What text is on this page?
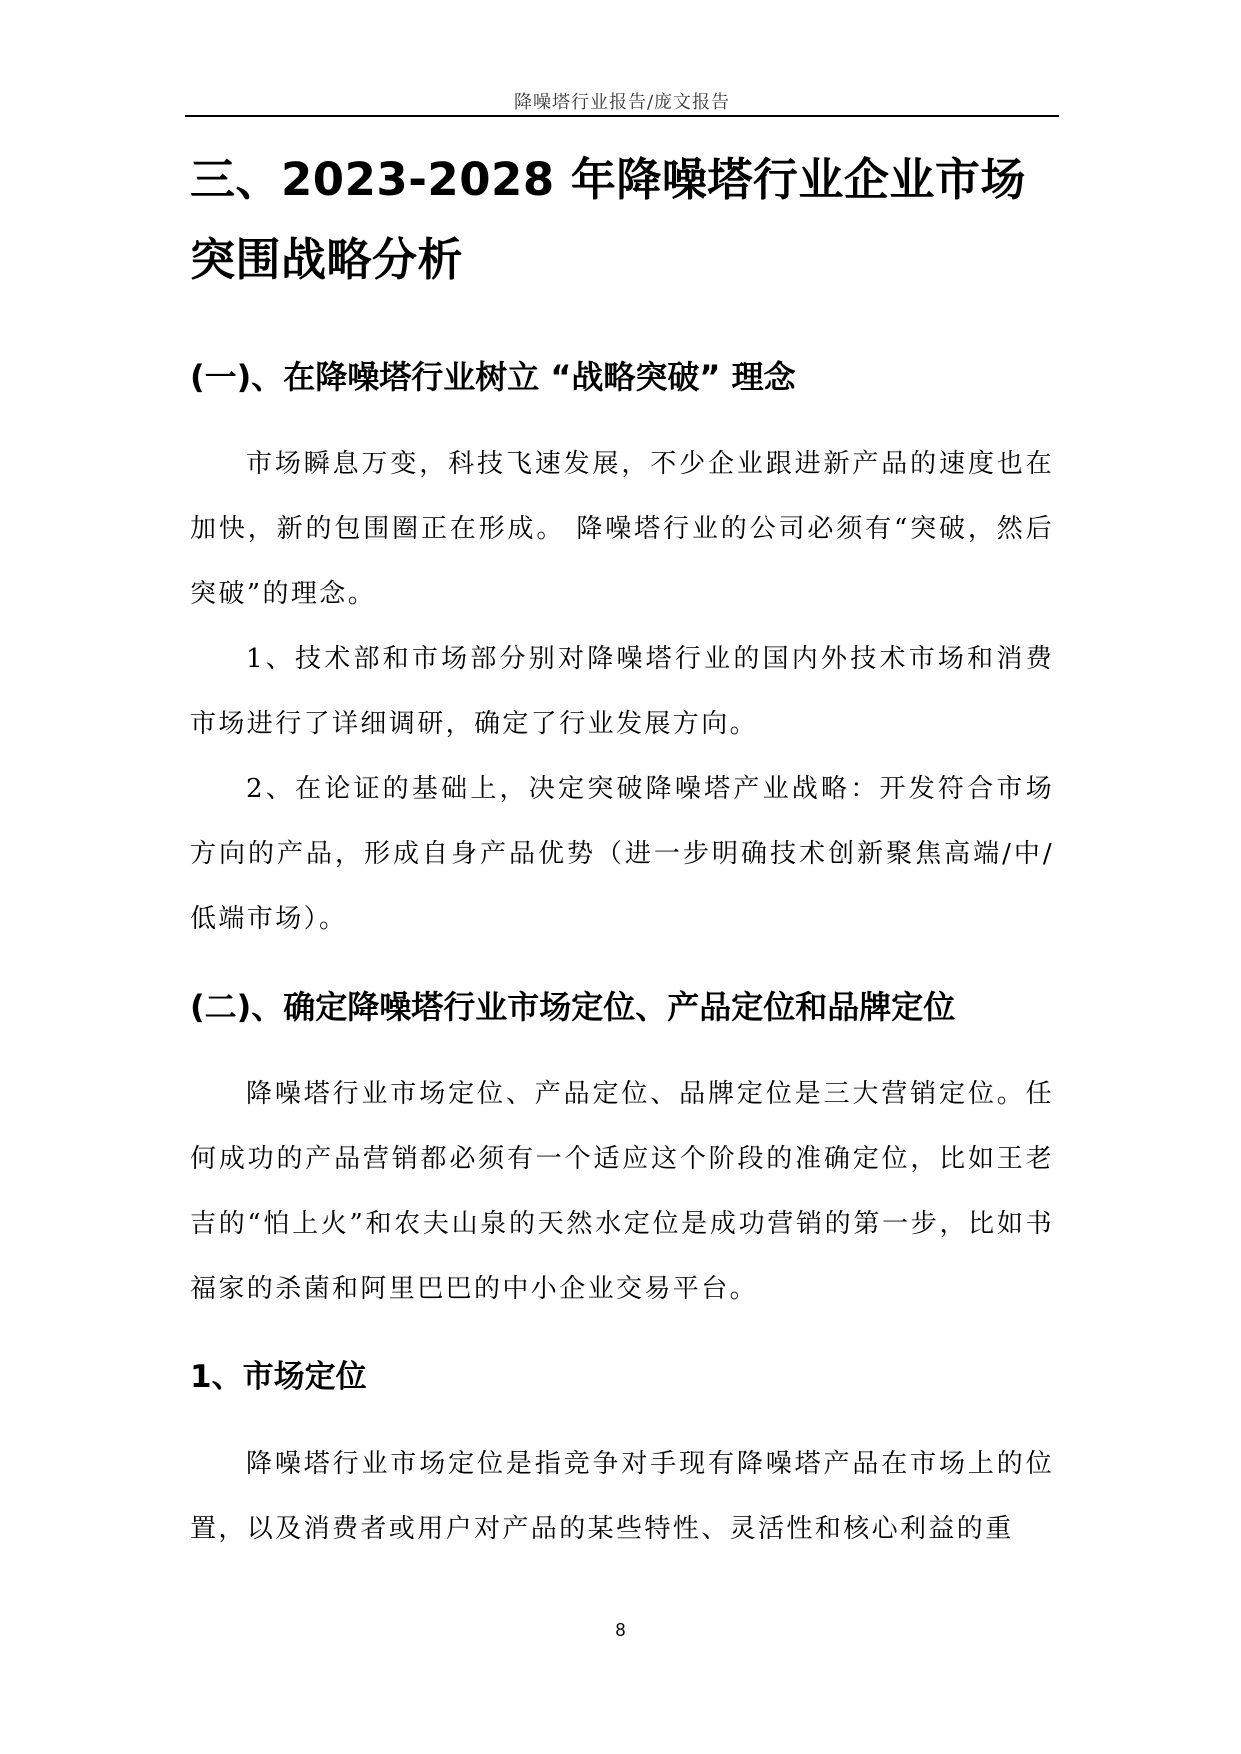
降噪塔行业报告/庞文报告
三、2023-2028 年降噪塔行业企业市场突围战略分析
(一)、在降噪塔行业树立 “战略突破” 理念

市场瞬息万变，科技飞速发展，不少企业跟进新产品的速度也在加快，新的包围圈正在形成。 降噪塔行业的公司必须有“突破，然后突破”的理念。

1、技术部和市场部分别对降噪塔行业的国内外技术市场和消费市场进行了详细调研，确定了行业发展方向。

2、在论证的基础上，决定突破降噪塔产业战略：开发符合市场方向的产品，形成自身产品优势（进一步明确技术创新聚焦高端/中/低端市场）。

(二)、确定降噪塔行业市场定位、产品定位和品牌定位

降噪塔行业市场定位、产品定位、品牌定位是三大营销定位。任何成功的产品营销都必须有一个适应这个阶段的准确定位，比如王老吉的“怕上火”和农夫山泉的天然水定位是成功营销的第一步，比如书福家的杀菌和阿里巴巴的中小企业交易平台。

1、市场定位

降噪塔行业市场定位是指竞争对手现有降噪塔产品在市场上的位置，以及消费者或用户对产品的某些特性、灵活性和核心利益的重

8
